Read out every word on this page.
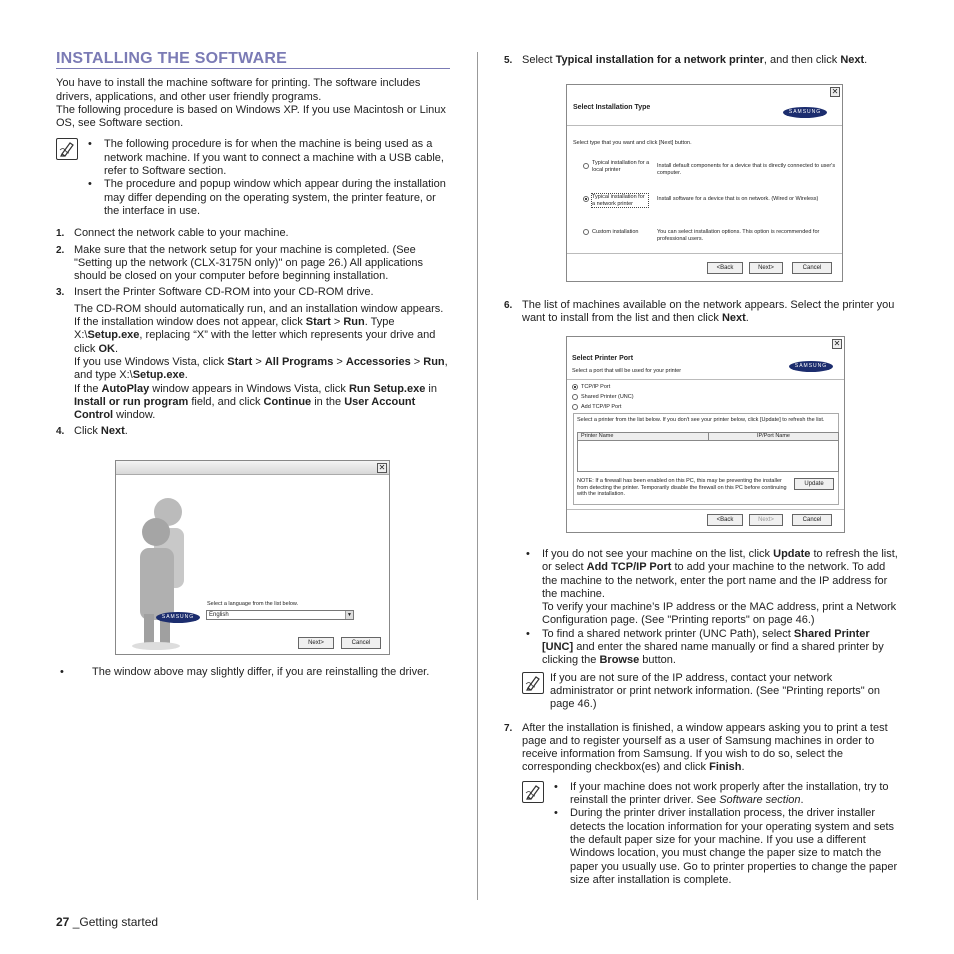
INSTALLING THE SOFTWARE

You have to install the machine software for printing. The software includes drivers, applications, and other user friendly programs.

The following procedure is based on Windows XP. If you use Macintosh or Linux OS, see Software section.

• The following procedure is for when the machine is being used as a network machine. If you want to connect a machine with a USB cable, refer to Software section.
• The procedure and popup window which appear during the installation may differ depending on the operating system, the printer feature, or the interface in use.
1. Connect the network cable to your machine.
2. Make sure that the network setup for your machine is completed. (See "Setting up the network (CLX-3175N only)" on page 26.) All applications should be closed on your computer before beginning installation.
3. Insert the Printer Software CD-ROM into your CD-ROM drive.

The CD-ROM should automatically run, and an installation window appears.

If the installation window does not appear, click Start > Run. Type X:\Setup.exe, replacing “X” with the letter which represents your drive and click OK.

If you use Windows Vista, click Start > All Programs > Accessories > Run, and type X:\Setup.exe.

If the AutoPlay window appears in Windows Vista, click Run Setup.exe in Install or run program field, and click Continue in the User Account Control window.

4. Click Next.
✕
SAMSUNG
Select a language from the list below.
English	▼
Next>	Cancel
• The window above may slightly differ, if you are reinstalling the driver.
5. Select Typical installation for a network printer, and then click Next.
✕
Select Installation Type
SAMSUNG
Select type that you want and click [Next] button.
Typical installation for a local printer
Install default components for a device that is directly connected to user's computer.
Typical installation for a network printer
Install software for a device that is on network. (Wired or Wireless)
Custom installation	You can select installation options. This option is recommended for professional users.
<Back	Next>	Cancel
6. The list of machines available on the network appears. Select the printer you want to install from the list and then click Next.
✕
Select Printer Port
Select a port that will be used for your printer
SAMSUNG
TCP/IP Port
Shared Printer (UNC)
Add TCP/IP Port
Select a printer from the list below. If you don't see your printer below, click [Update] to refresh the list.
Printer Name	IP/Port Name
NOTE: If a firewall has been enabled on this PC, this may be preventing the installer from detecting the printer. Temporarily disable the firewall on this PC before continuing with the installation.
Update
<Back	Next>	Cancel
• If you do not see your machine on the list, click Update to refresh the list, or select Add TCP/IP Port to add your machine to the network. To add the machine to the network, enter the port name and the IP address for the machine.
To verify your machine’s IP address or the MAC address, print a Network Configuration page. (See "Printing reports" on page 46.)
• To find a shared network printer (UNC Path), select Shared Printer [UNC] and enter the shared name manually or find a shared printer by clicking the Browse button.

If you are not sure of the IP address, contact your network administrator or print network information. (See "Printing reports" on page 46.)

7. After the installation is finished, a window appears asking you to print a test page and to register yourself as a user of Samsung machines in order to receive information from Samsung. If you wish to do so, select the corresponding checkbox(es) and click Finish.
• If your machine does not work properly after the installation, try to reinstall the printer driver. See Software section.
• During the printer driver installation process, the driver installer detects the location information for your operating system and sets the default paper size for your machine. If you use a different Windows location, you must change the paper size to match the paper you usually use. Go to printer properties to change the paper size after installation is complete.
27 _Getting started
